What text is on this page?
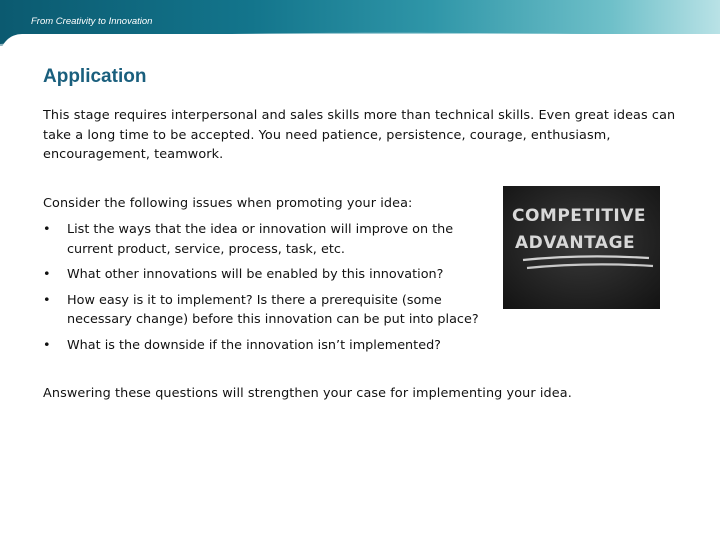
From Creativity to Innovation
Application
This stage requires interpersonal and sales skills more than technical skills. Even great ideas can take a long time to be accepted. You need patience, persistence, courage, enthusiasm, encouragement, teamwork.
Consider the following issues when promoting your idea:
• List the ways that the idea or innovation will improve on the current product, service, process, task, etc.
• What other innovations will be enabled by this innovation?
• How easy is it to implement? Is there a prerequisite (some necessary change) before this innovation can be put into place?
• What is the downside if the innovation isn’t implemented?
Answering these questions will strengthen your case for implementing your idea.
COMPETITIVE
ADVANTAGE
